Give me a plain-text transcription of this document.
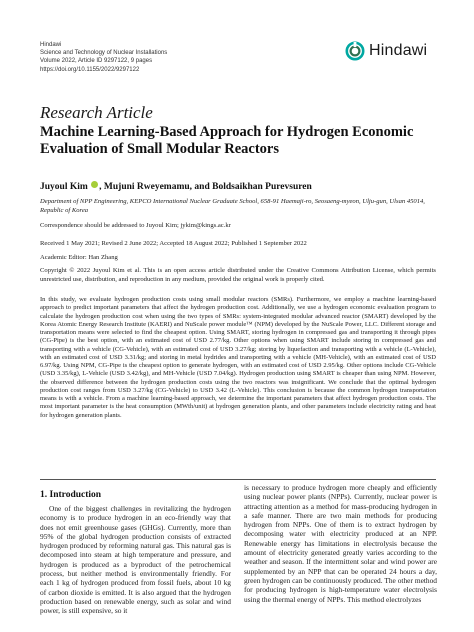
Hindawi
Science and Technology of Nuclear Installations
Volume 2022, Article ID 9297122, 9 pages
https://doi.org/10.1155/2022/9297122
Hindawi
Research Article
Machine Learning-Based Approach for Hydrogen Economic Evaluation of Small Modular Reactors
Juyoul Kim , Mujuni Rweyemamu, and Boldsaikhan Purevsuren
Department of NPP Engineering, KEPCO International Nuclear Graduate School, 658-91 Haemaji-ro, Seosaeng-myeon, Ulju-gun, Ulsan 45014, Republic of Korea
Correspondence should be addressed to Juyoul Kim; jykim@kings.ac.kr
Received 1 May 2021; Revised 2 June 2022; Accepted 18 August 2022; Published 1 September 2022
Academic Editor: Han Zhang
Copyright © 2022 Juyoul Kim et al. This is an open access article distributed under the Creative Commons Attribution License, which permits unrestricted use, distribution, and reproduction in any medium, provided the original work is properly cited.
In this study, we evaluate hydrogen production costs using small modular reactors (SMRs). Furthermore, we employ a machine learning-based approach to predict important parameters that affect the hydrogen production cost. Additionally, we use a hydrogen economic evaluation program to calculate the hydrogen production cost when using the two types of SMRs: system-integrated modular advanced reactor (SMART) developed by the Korea Atomic Energy Research Institute (KAERI) and NuScale power module™ (NPM) developed by the NuScale Power, LLC. Different storage and transportation means were selected to find the cheapest option. Using SMART, storing hydrogen in compressed gas and transporting it through pipes (CG-Pipe) is the best option, with an estimated cost of USD 2.77/kg. Other options when using SMART include storing in compressed gas and transporting with a vehicle (CG-Vehicle), with an estimated cost of USD 3.27/kg; storing by liquefaction and transporting with a vehicle (L-Vehicle), with an estimated cost of USD 3.31/kg; and storing in metal hydrides and transporting with a vehicle (MH-Vehicle), with an estimated cost of USD 6.97/kg. Using NPM, CG-Pipe is the cheapest option to generate hydrogen, with an estimated cost of USD 2.95/kg. Other options include CG-Vehicle (USD 3.35/kg), L-Vehicle (USD 3.42/kg), and MH-Vehicle (USD 7.04/kg). Hydrogen production using SMART is cheaper than using NPM. However, the observed difference between the hydrogen production costs using the two reactors was insignificant. We conclude that the optimal hydrogen production cost ranges from USD 3.27/kg (CG-Vehicle) to USD 3.42 (L-Vehicle). This conclusion is because the common hydrogen transportation means is with a vehicle. From a machine learning-based approach, we determine the important parameters that affect hydrogen production costs. The most important parameter is the heat consumption (MWth/unit) at hydrogen generation plants, and other parameters include electricity rating and heat for hydrogen generation plants.
1. Introduction
One of the biggest challenges in revitalizing the hydrogen economy is to produce hydrogen in an eco-friendly way that does not emit greenhouse gases (GHGs). Currently, more than 95% of the global hydrogen production consists of extracted hydrogen produced by reforming natural gas. This natural gas is decomposed into steam at high temperature and pressure, and hydrogen is produced as a byproduct of the petrochemical process, but neither method is environmentally friendly. For each 1 kg of hydrogen produced from fossil fuels, about 10 kg of carbon dioxide is emitted. It is also argued that the hydrogen production based on renewable energy, such as solar and wind power, is still expensive, so it
is necessary to produce hydrogen more cheaply and efficiently using nuclear power plants (NPPs). Currently, nuclear power is attracting attention as a method for mass-producing hydrogen in a safe manner. There are two main methods for producing hydrogen from NPPs. One of them is to extract hydrogen by decomposing water with electricity produced at an NPP. Renewable energy has limitations in electrolysis because the amount of electricity generated greatly varies according to the weather and season. If the intermittent solar and wind power are supplemented by an NPP that can be operated 24 hours a day, green hydrogen can be continuously produced. The other method for producing hydrogen is high-temperature water electrolysis using the thermal energy of NPPs. This method electrolyzes
